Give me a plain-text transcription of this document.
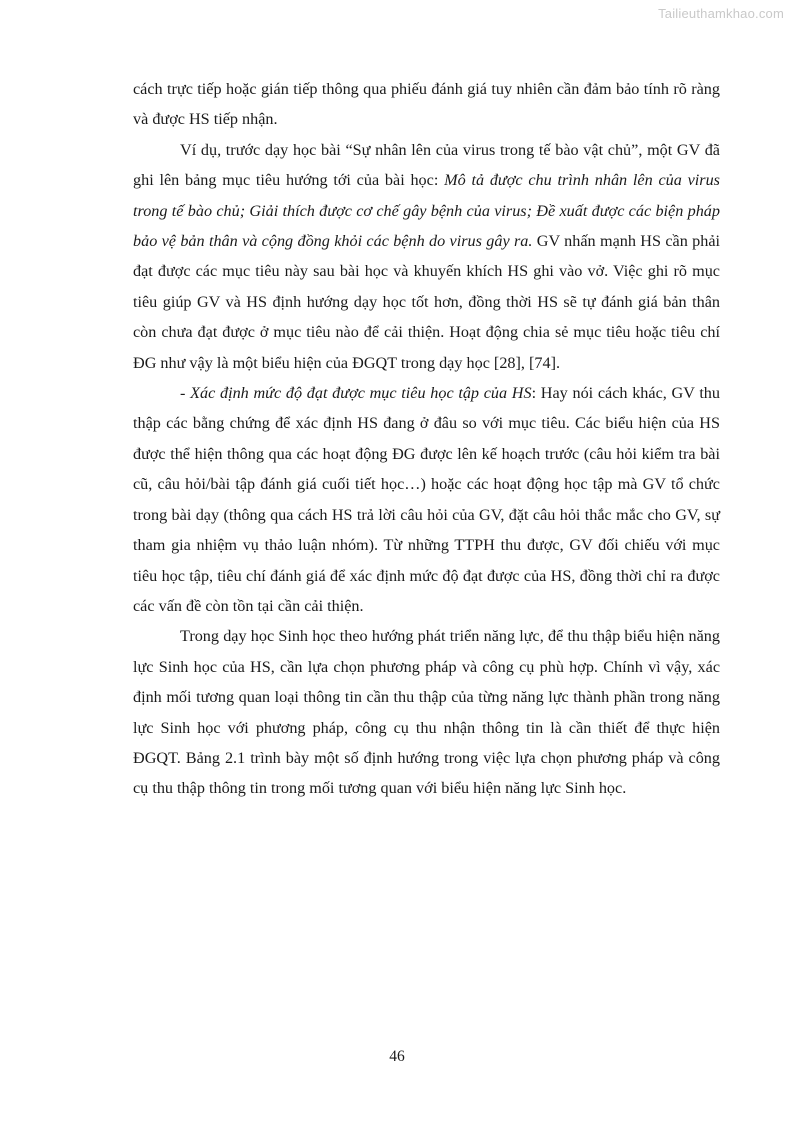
Tailieuthamkhao.com

cách trực tiếp hoặc gián tiếp thông qua phiếu đánh giá tuy nhiên cần đảm bảo tính rõ ràng và được HS tiếp nhận.

Ví dụ, trước dạy học bài “Sự nhân lên của virus trong tế bào vật chủ”, một GV đã ghi lên bảng mục tiêu hướng tới của bài học: Mô tả được chu trình nhân lên của virus trong tế bào chủ; Giải thích được cơ chế gây bệnh của virus; Đề xuất được các biện pháp bảo vệ bản thân và cộng đồng khỏi các bệnh do virus gây ra. GV nhấn mạnh HS cần phải đạt được các mục tiêu này sau bài học và khuyến khích HS ghi vào vở. Việc ghi rõ mục tiêu giúp GV và HS định hướng dạy học tốt hơn, đồng thời HS sẽ tự đánh giá bản thân còn chưa đạt được ở mục tiêu nào để cải thiện. Hoạt động chia sẻ mục tiêu hoặc tiêu chí ĐG như vậy là một biểu hiện của ĐGQT trong dạy học [28], [74].

- Xác định mức độ đạt được mục tiêu học tập của HS: Hay nói cách khác, GV thu thập các bằng chứng để xác định HS đang ở đâu so với mục tiêu. Các biểu hiện của HS được thể hiện thông qua các hoạt động ĐG được lên kế hoạch trước (câu hỏi kiểm tra bài cũ, câu hỏi/bài tập đánh giá cuối tiết học…) hoặc các hoạt động học tập mà GV tổ chức trong bài dạy (thông qua cách HS trả lời câu hỏi của GV, đặt câu hỏi thắc mắc cho GV, sự tham gia nhiệm vụ thảo luận nhóm). Từ những TTPH thu được, GV đối chiếu với mục tiêu học tập, tiêu chí đánh giá để xác định mức độ đạt được của HS, đồng thời chỉ ra được các vấn đề còn tồn tại cần cải thiện.

Trong dạy học Sinh học theo hướng phát triển năng lực, để thu thập biểu hiện năng lực Sinh học của HS, cần lựa chọn phương pháp và công cụ phù hợp. Chính vì vậy, xác định mối tương quan loại thông tin cần thu thập của từng năng lực thành phần trong năng lực Sinh học với phương pháp, công cụ thu nhận thông tin là cần thiết để thực hiện ĐGQT. Bảng 2.1 trình bày một số định hướng trong việc lựa chọn phương pháp và công cụ thu thập thông tin trong mối tương quan với biểu hiện năng lực Sinh học.

46
